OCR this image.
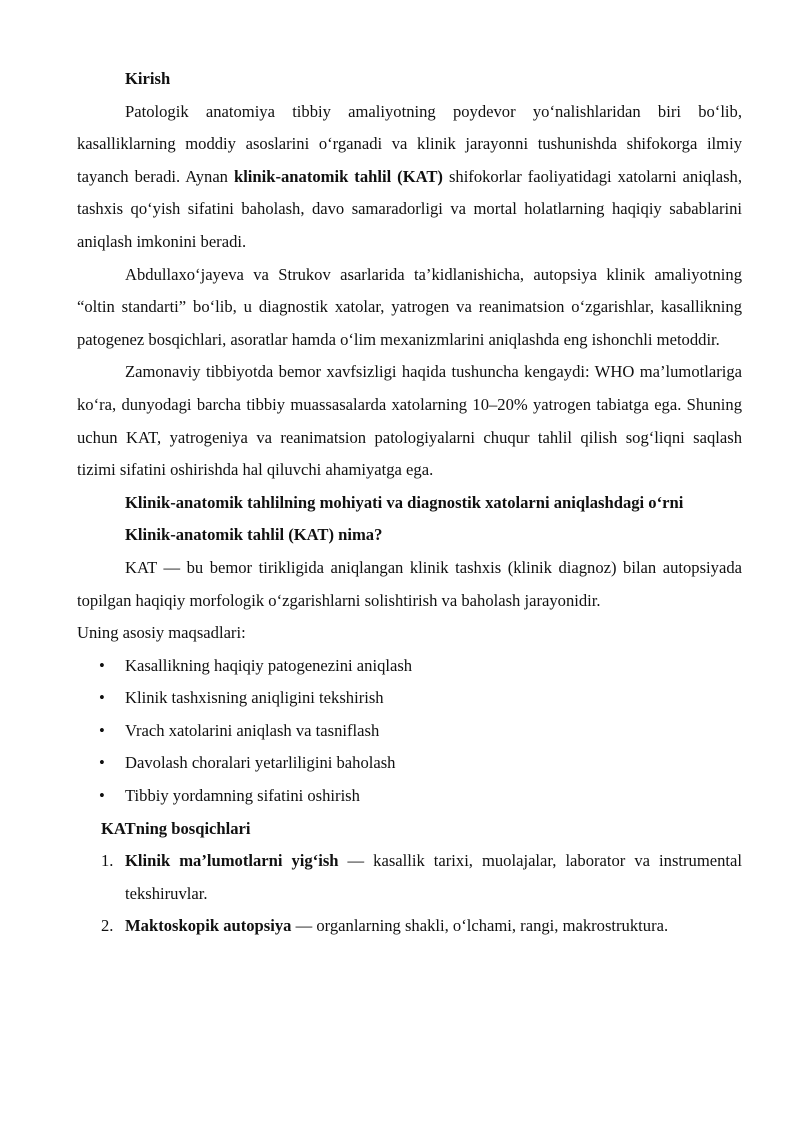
Kirish

Patologik anatomiya tibbiy amaliyotning poydevor yo‘nalishlaridan biri bo‘lib, kasalliklarning moddiy asoslarini o‘rganadi va klinik jarayonni tushunishda shifokorga ilmiy tayanch beradi. Aynan klinik-anatomik tahlil (KAT) shifokorlar faoliyatidagi xatolarni aniqlash, tashxis qo‘yish sifatini baholash, davo samaradorligi va mortal holatlarning haqiqiy sabablarini aniqlash imkonini beradi.

Abdullaxo‘jayeva va Strukov asarlarida ta’kidlanishicha, autopsiya klinik amaliyotning “oltin standarti” bo‘lib, u diagnostik xatolar, yatrogen va reanimatsion o‘zgarishlar, kasallikning patogenez bosqichlari, asoratlar hamda o‘lim mexanizmlarini aniqlashda eng ishonchli metoddir.

Zamonaviy tibbiyotda bemor xavfsizligi haqida tushuncha kengaydi: WHO ma’lumotlariga ko‘ra, dunyodagi barcha tibbiy muassasalarda xatolarning 10–20% yatrogen tabiatga ega. Shuning uchun KAT, yatrogeniya va reanimatsion patologiyalarni chuqur tahlil qilish sog‘liqni saqlash tizimi sifatini oshirishda hal qiluvchi ahamiyatga ega.

Klinik-anatomik tahlilning mohiyati va diagnostik xatolarni aniqlashdagi o‘rni

Klinik-anatomik tahlil (KAT) nima?

KAT — bu bemor tirikligida aniqlangan klinik tashxis (klinik diagnoz) bilan autopsiyada topilgan haqiqiy morfologik o‘zgarishlarni solishtirish va baholash jarayonidir.

Uning asosiy maqsadlari:

• Kasallikning haqiqiy patogenezini aniqlash
• Klinik tashxisning aniqligini tekshirish
• Vrach xatolarini aniqlash va tasniflash
• Davolash choralari yetarliligini baholash
• Tibbiy yordamning sifatini oshirish

KATning bosqichlari

1. Klinik ma’lumotlarni yig‘ish — kasallik tarixi, muolajalar, laborator va instrumental tekshiruvlar.
2. Maktoskopik autopsiya — organlarning shakli, o‘lchami, rangi, makrostruktura.
